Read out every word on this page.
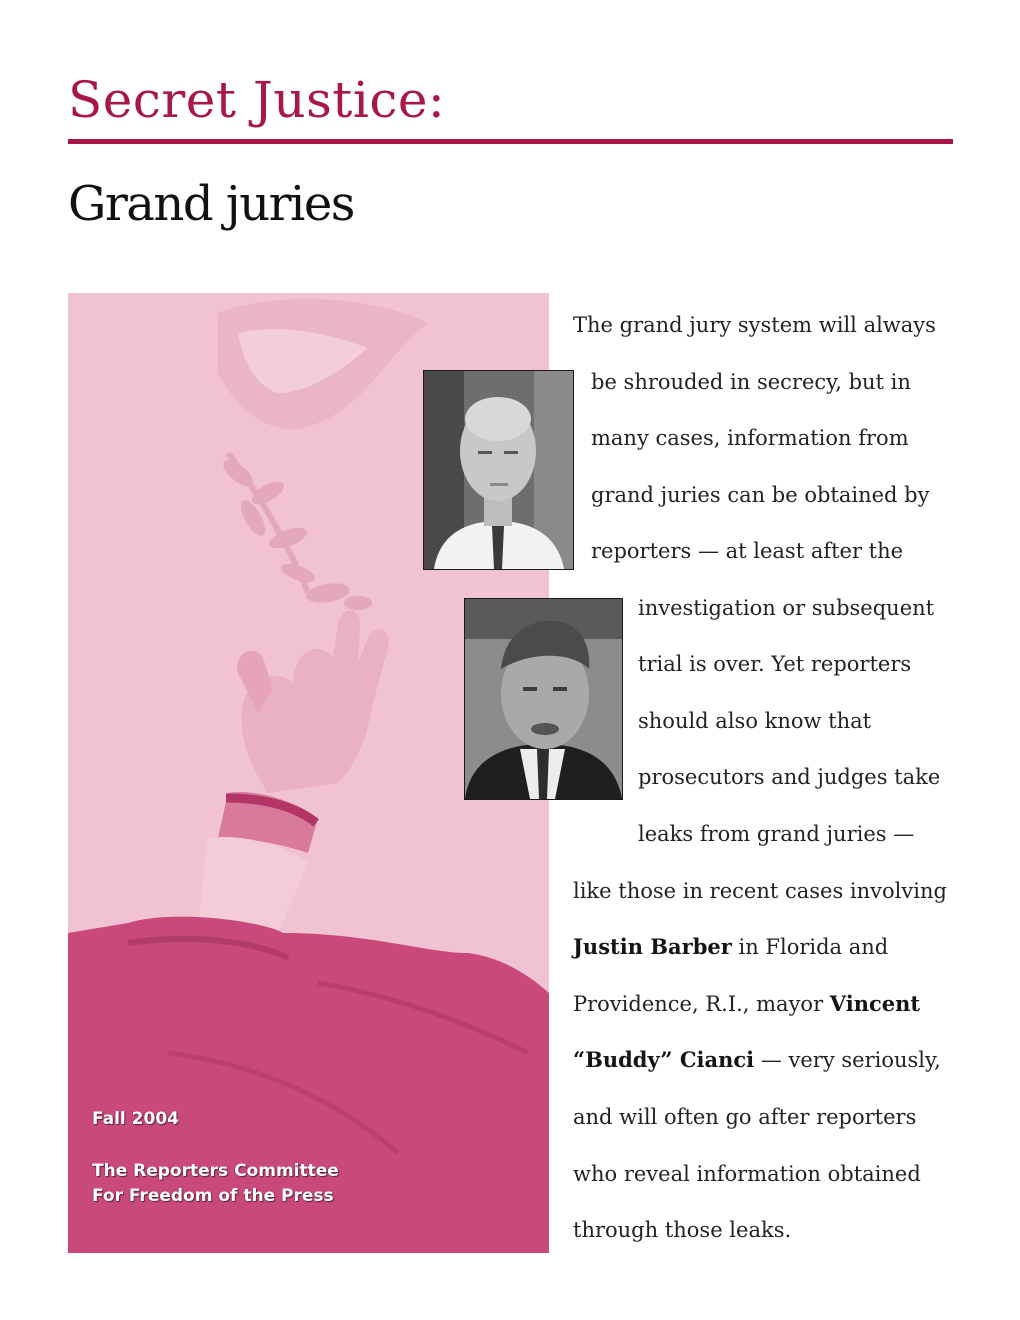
Secret Justice:
Grand juries
Fall 2004
The Reporters Committee
For Freedom of the Press
The grand jury system will always
be shrouded in secrecy, but in
many cases, information from
grand juries can be obtained by
reporters — at least after the
investigation or subsequent
trial is over. Yet reporters
should also know that
prosecutors and judges take
leaks from grand juries —
like those in recent cases involving
Justin Barber in Florida and
Providence, R.I., mayor Vincent
“Buddy” Cianci — very seriously,
and will often go after reporters
who reveal information obtained
through those leaks.
